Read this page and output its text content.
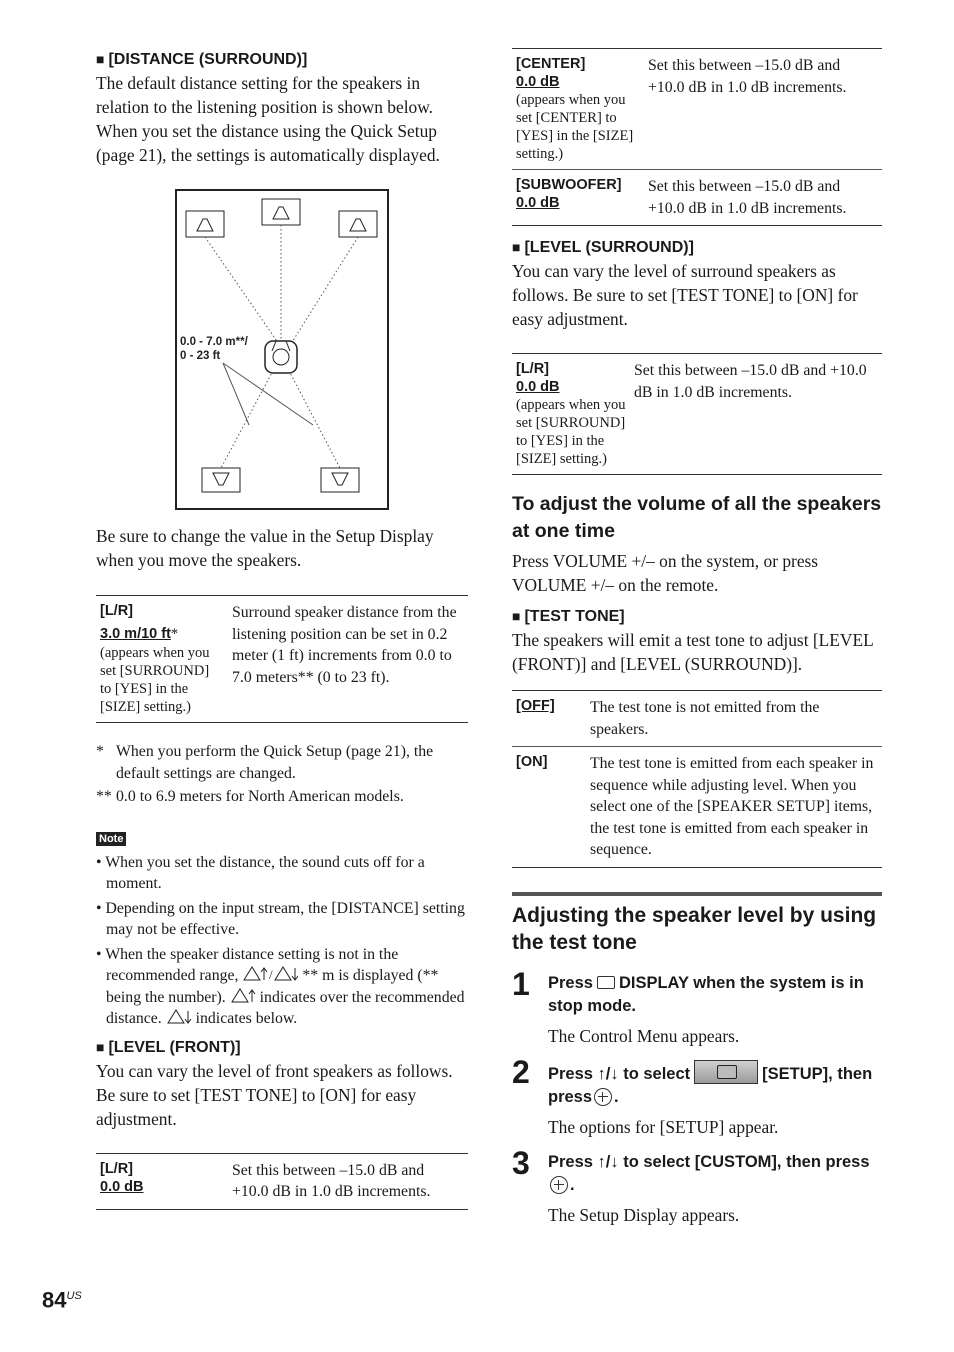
■ [DISTANCE (SURROUND)]

The default distance setting for the speakers in relation to the listening position is shown below. When you set the distance using the Quick Setup (page 21), the settings is automatically displayed.

0.0 - 7.0 m**/
0 - 23 ft

Be sure to change the value in the Setup Display when you move the speakers.

[L/R]
3.0 m/10 ft*
(appears when you set [SURROUND] to [YES] in the [SIZE] setting.)
	Surround speaker distance from the listening position can be set in 0.2 meter (1 ft) increments from 0.0 to 7.0 meters** (0 to 23 ft).
* When you perform the Quick Setup (page 21), the default settings are changed.
** 0.0 to 6.9 meters for North American models.
Note
• When you set the distance, the sound cuts off for a moment.
• Depending on the input stream, the [DISTANCE] setting may not be effective.
• When the speaker distance setting is not in the recommended range, / ** m is displayed (** being the number). indicates over the recommended distance. indicates below.
■ [LEVEL (FRONT)]

You can vary the level of front speakers as follows. Be sure to set [TEST TONE] to [ON] for easy adjustment.

[L/R]
0.0 dB
	Set this between –15.0 dB and +10.0 dB in 1.0 dB increments.
[CENTER]
0.0 dB
(appears when you set [CENTER] to [YES] in the [SIZE] setting.)	Set this between –15.0 dB and +10.0 dB in 1.0 dB increments.

[SUBWOOFER]
0.0 dB	Set this between –15.0 dB and +10.0 dB in 1.0 dB increments.
■ [LEVEL (SURROUND)]

You can vary the level of surround speakers as follows. Be sure to set [TEST TONE] to [ON] for easy adjustment.

[L/R]
0.0 dB
(appears when you set [SURROUND] to [YES] in the [SIZE] setting.)
	Set this between –15.0 dB and +10.0 dB in 1.0 dB increments.
To adjust the volume of all the speakers at one time

Press VOLUME +/– on the system, or press VOLUME +/– on the remote.

■ [TEST TONE]

The speakers will emit a test tone to adjust [LEVEL (FRONT)] and [LEVEL (SURROUND)].

[OFF]	The test tone is not emitted from the speakers.

[ON]	The test tone is emitted from each speaker in sequence while adjusting level. When you select one of the [SPEAKER SETUP] items, the test tone is emitted from each speaker in sequence.
Adjusting the speaker level by using the test tone
1 Press DISPLAY when the system is in stop mode.
The Control Menu appears.
2 Press ↑/↓ to select	[SETUP], then press .
The options for [SETUP] appear.
3 Press ↑/↓ to select [CUSTOM], then press.
The Setup Display appears.
$84^{US}$
